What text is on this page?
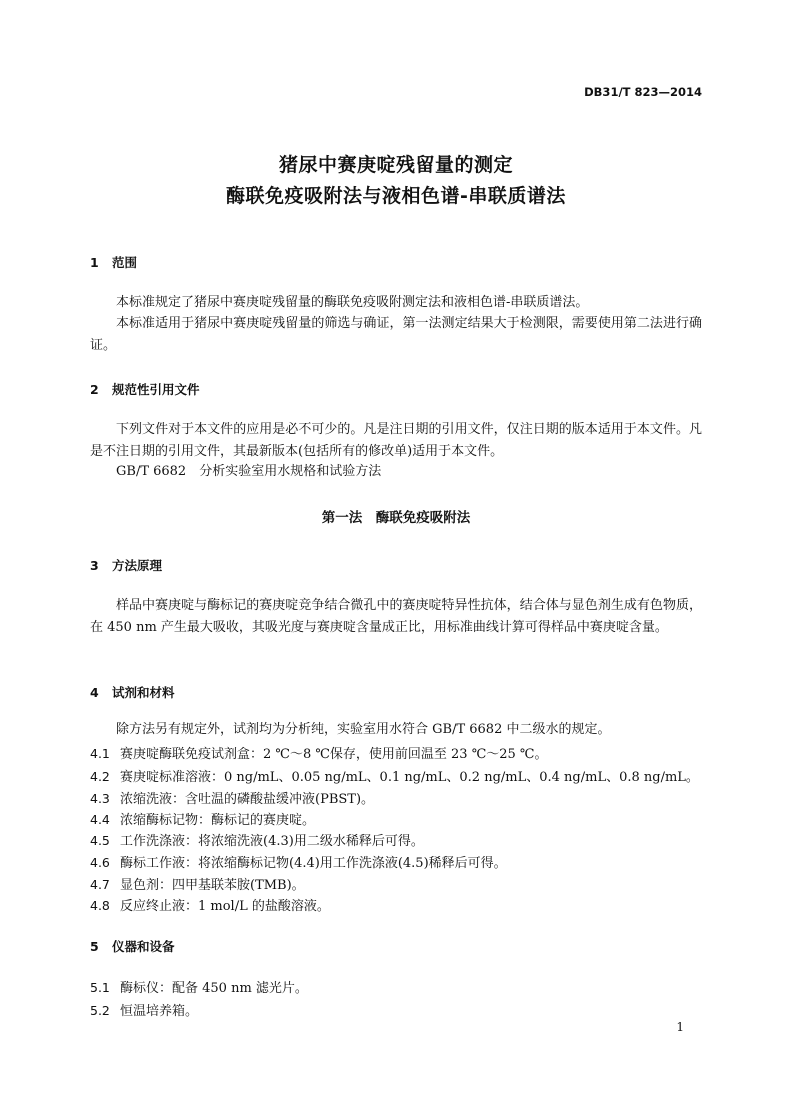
DB31/T 823—2014
猪尿中赛庚啶残留量的测定
酶联免疫吸附法与液相色谱-串联质谱法
1 范围
本标准规定了猪尿中赛庚啶残留量的酶联免疫吸附测定法和液相色谱-串联质谱法。
本标准适用于猪尿中赛庚啶残留量的筛选与确证，第一法测定结果大于检测限，需要使用第二法进行确证。
2 规范性引用文件
下列文件对于本文件的应用是必不可少的。凡是注日期的引用文件，仅注日期的版本适用于本文件。凡是不注日期的引用文件，其最新版本(包括所有的修改单)适用于本文件。
GB/T 6682　分析实验室用水规格和试验方法
第一法　酶联免疫吸附法
3 方法原理
样品中赛庚啶与酶标记的赛庚啶竞争结合微孔中的赛庚啶特异性抗体，结合体与显色剂生成有色物质，在 450 nm 产生最大吸收，其吸光度与赛庚啶含量成正比，用标准曲线计算可得样品中赛庚啶含量。
4 试剂和材料
除方法另有规定外，试剂均为分析纯，实验室用水符合 GB/T 6682 中二级水的规定。
4.1 赛庚啶酶联免疫试剂盒：2 ℃～8 ℃保存，使用前回温至 23 ℃～25 ℃。
4.2 赛庚啶标准溶液：0 ng/mL、0.05 ng/mL、0.1 ng/mL、0.2 ng/mL、0.4 ng/mL、0.8 ng/mL。
4.3 浓缩洗液：含吐温的磷酸盐缓冲液(PBST)。
4.4 浓缩酶标记物：酶标记的赛庚啶。
4.5 工作洗涤液：将浓缩洗液(4.3)用二级水稀释后可得。
4.6 酶标工作液：将浓缩酶标记物(4.4)用工作洗涤液(4.5)稀释后可得。
4.7 显色剂：四甲基联苯胺(TMB)。
4.8 反应终止液：1 mol/L 的盐酸溶液。
5 仪器和设备
5.1 酶标仪：配备 450 nm 滤光片。
5.2 恒温培养箱。
1
